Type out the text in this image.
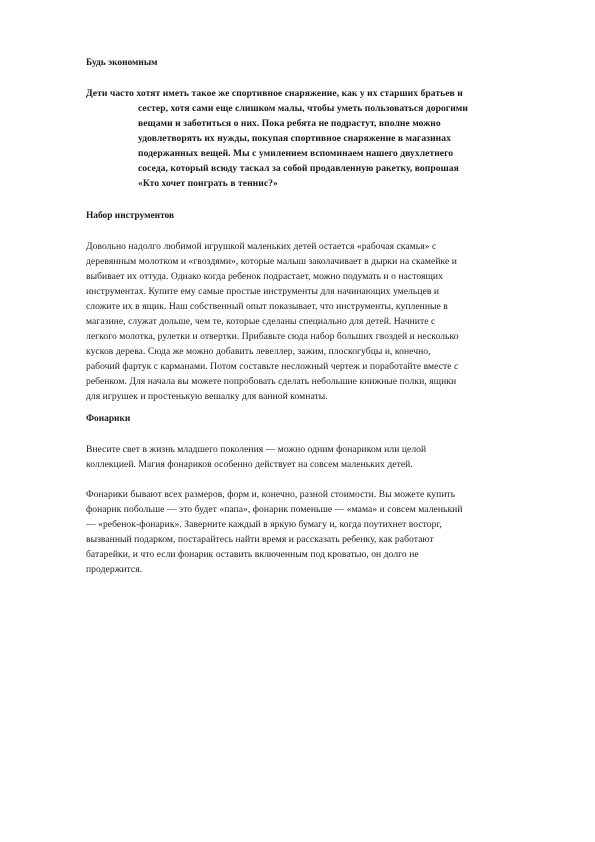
Будь экономным
Дети часто хотят иметь такое же спортивное снаряжение, как у их старших братьев и
сестер, хотя сами еще слишком малы, чтобы уметь пользоваться дорогими
вещами и заботиться о них. Пока ребята не подрастут, вполне можно
удовлетворять их нужды, покупая спортивное снаряжение в магазинах
подержанных вещей. Мы с умилением вспоминаем нашего двухлетнего
соседа, который всюду таскал за собой продавленную ракетку, вопрошая
«Кто хочет поиграть в теннис?»
Набор инструментов
Довольно надолго любимой игрушкой маленьких детей остается «рабочая скамья» с
деревянным молотком и «гвоздями», которые малыш заколачивает в дырки на скамейке и
выбивает их оттуда. Однако когда ребенок подрастает, можно подумать и о настоящих
инструментах. Купите ему самые простые инструменты для начинающих умельцев и
сложите их в ящик. Наш собственный опыт показывает, что инструменты, купленные в
магазине, служат дольше, чем те, которые сделаны специально для детей. Начните с
легкого молотка, рулетки и отвертки. Прибавьте сюда набор больших гвоздей и несколько
кусков дерева. Сюда же можно добавить левеллер, зажим, плоскогубцы и, конечно,
рабочий фартук с карманами. Потом составьте несложный чертеж и поработайте вместе с
ребенком. Для начала вы можете попробовать сделать небольшие книжные полки, ящики
для игрушек и простенькую вешалку для ванной комнаты.
Фонарики
Внесите свет в жизнь младшего поколения — можно одним фонариком или целой
коллекцией. Магия фонариков особенно действует на совсем маленьких детей.
Фонарики бывают всех размеров, форм и, конечно, разной стоимости. Вы можете купить
фонарик побольше — это будет «папа», фонарик поменьше — «мама» и совсем маленький
— «ребенок-фонарик». Заверните каждый в яркую бумагу и, когда поутихнет восторг,
вызванный подарком, постарайтесь найти время и рассказать ребенку, как работают
батарейки, и что если фонарик оставить включенным под кроватью, он долго не
продержится.
